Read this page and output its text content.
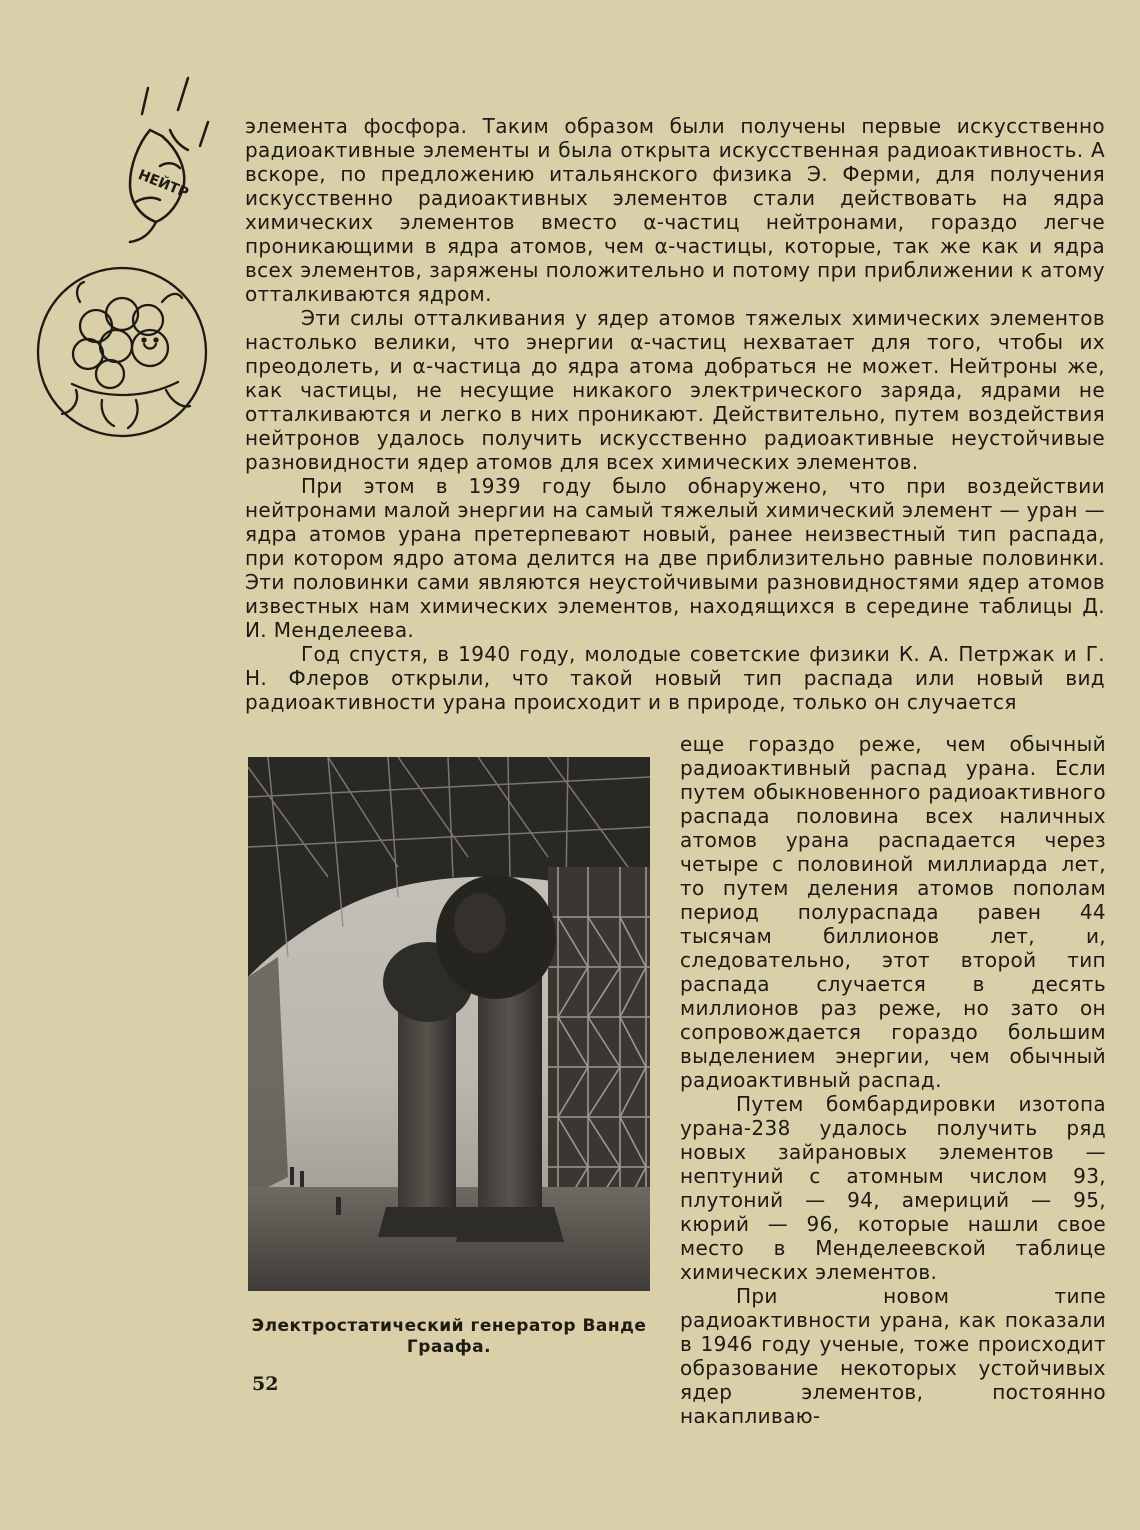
НЕЙТР

элемента фосфора. Таким образом были получены первые искусственно радиоактивные элементы и была открыта искусственная радиоактивность. А вскоре, по предложению итальянского физика Э. Ферми, для получения искусственно радиоактивных элементов стали действовать на ядра химических элементов вместо α-частиц нейтронами, гораздо легче проникающими в ядра атомов, чем α-частицы, которые, так же как и ядра всех элементов, заряжены положительно и потому при приближении к атому отталкиваются ядром.

Эти силы отталкивания у ядер атомов тяжелых химических элементов настолько велики, что энергии α-частиц нехватает для того, чтобы их преодолеть, и α-частица до ядра атома добраться не может. Нейтроны же, как частицы, не несущие никакого электрического заряда, ядрами не отталкиваются и легко в них проникают. Действительно, путем воздействия нейтронов удалось получить искусственно радиоактивные неустойчивые разновидности ядер атомов для всех химических элементов.

При этом в 1939 году было обнаружено, что при воздействии нейтронами малой энергии на самый тяжелый химический элемент — уран — ядра атомов урана претерпевают новый, ранее неизвестный тип распада, при котором ядро атома делится на две приблизительно равные половинки. Эти половинки сами являются неустойчивыми разновидностями ядер атомов известных нам химических элементов, находящихся в середине таблицы Д. И. Менделеева.

Год спустя, в 1940 году, молодые советские физики К. А. Петржак и Г. Н. Флеров открыли, что такой новый тип распада или новый вид радиоактивности урана происходит и в природе, только он случается

Электростатический генератор Ванде Граафа.

еще гораздо реже, чем обычный радиоактивный распад урана. Если путем обыкновенного радиоактивного распада половина всех наличных атомов урана распадается через четыре с половиной миллиарда лет, то путем деления атомов пополам период полураспада равен 44 тысячам биллионов лет, и, следовательно, этот второй тип распада случается в десять миллионов раз реже, но зато он сопровождается гораздо большим выделением энергии, чем обычный радиоактивный распад.

Путем бомбардировки изотопа урана-238 удалось получить ряд новых зайрановых элементов — нептуний с атомным числом 93, плутоний — 94, америций — 95, кюрий — 96, которые нашли свое место в Менделеевской таблице химических элементов.

При новом типе радиоактивности урана, как показали в 1946 году ученые, тоже происходит образование некоторых устойчивых ядер элементов, постоянно накапливаю-

52
